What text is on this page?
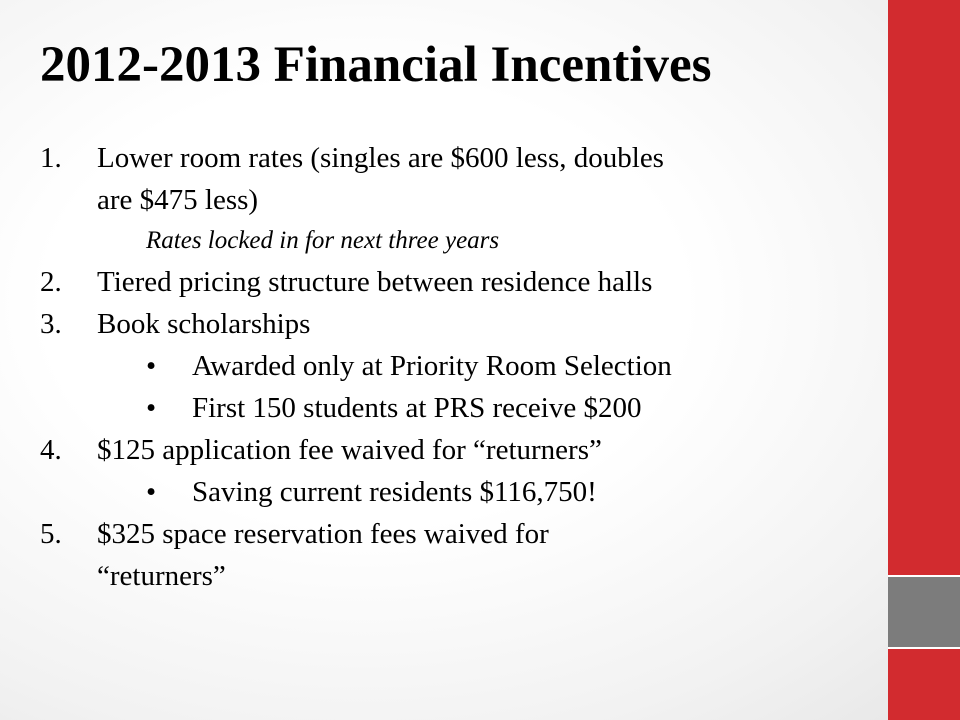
2012-2013 Financial Incentives
1. Lower room rates (singles are $600 less, doubles
are $475 less)
Rates locked in for next three years
2. Tiered pricing structure between residence halls
3. Book scholarships
• Awarded only at Priority Room Selection
• First 150 students at PRS receive $200
4. $125 application fee waived for “returners”
• Saving current residents $116,750!
5. $325 space reservation fees waived for
“returners”
